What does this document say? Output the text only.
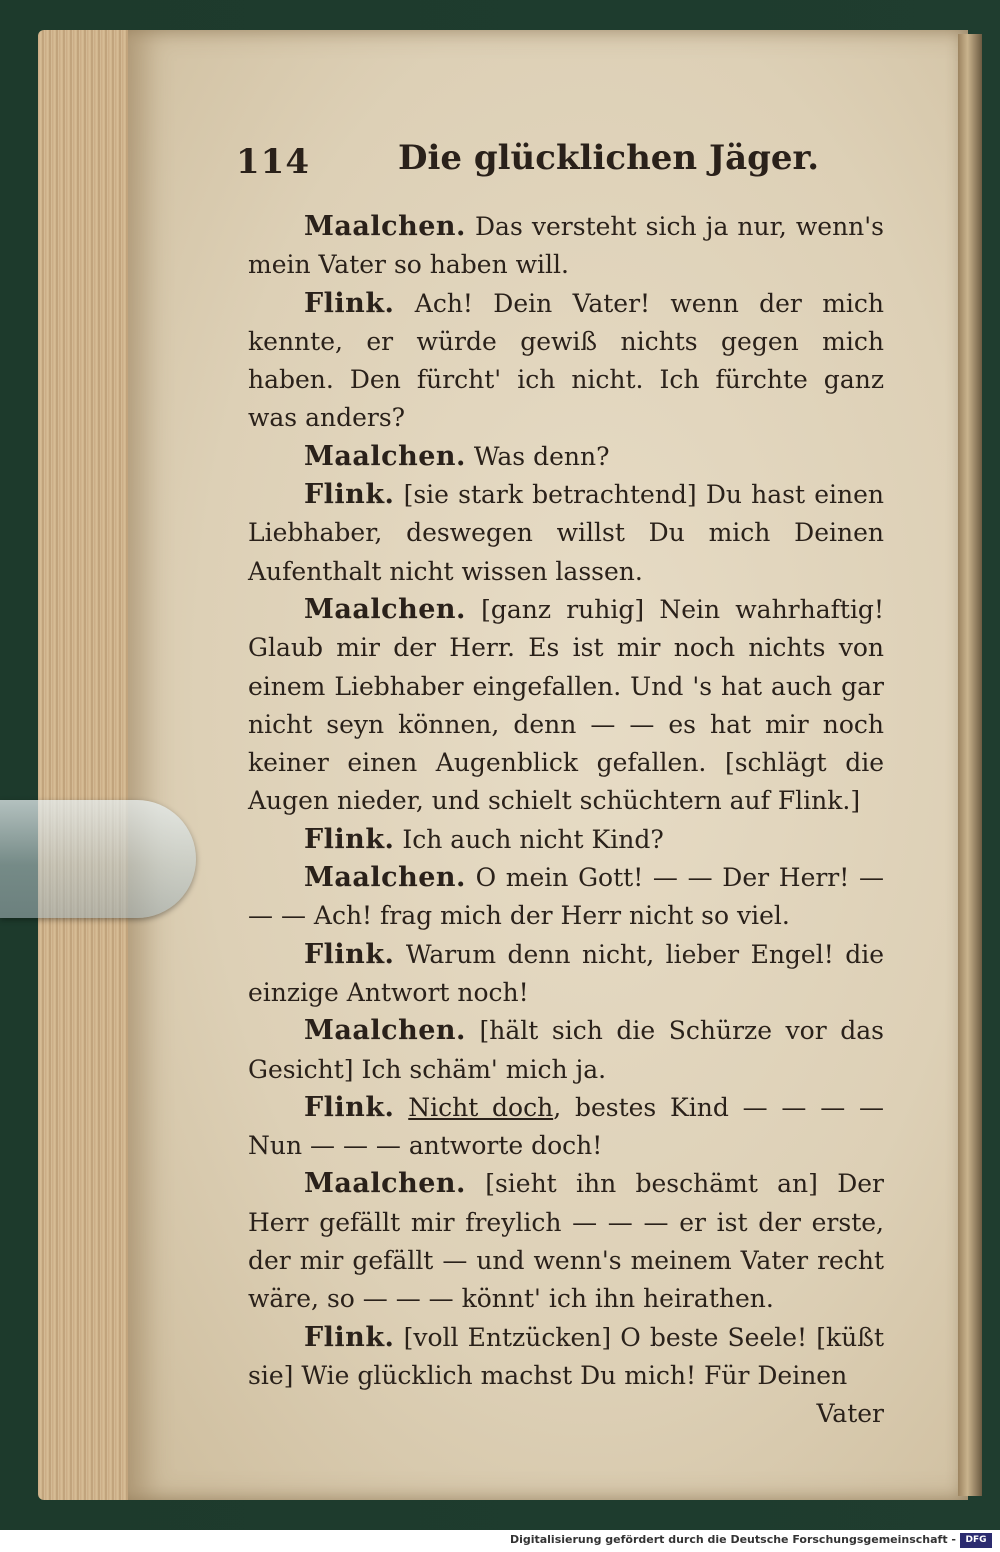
114	Die glücklichen Jäger.

Maalchen. Das versteht sich ja nur, wenn's mein Vater so haben will.

Flink. Ach! Dein Vater! wenn der mich kennte, er würde gewiß nichts gegen mich haben. Den fürcht' ich nicht. Ich fürchte ganz was anders?

Maalchen. Was denn?

Flink. [sie stark betrachtend] Du hast einen Liebhaber, deswegen willst Du mich Deinen Aufenthalt nicht wissen lassen.

Maalchen. [ganz ruhig] Nein wahrhaftig! Glaub mir der Herr. Es ist mir noch nichts von einem Liebhaber eingefallen. Und 's hat auch gar nicht seyn können, denn — — es hat mir noch keiner einen Augenblick gefallen. [schlägt die Augen nieder, und schielt schüchtern auf Flink.]

Flink. Ich auch nicht Kind?

Maalchen. O mein Gott! — — Der Herr! — — — Ach! frag mich der Herr nicht so viel.

Flink. Warum denn nicht, lieber Engel! die einzige Antwort noch!

Maalchen. [hält sich die Schürze vor das Gesicht] Ich schäm' mich ja.

Flink. Nicht doch, bestes Kind — — — — Nun — — — antworte doch!

Maalchen. [sieht ihn beschämt an] Der Herr gefällt mir freylich — — — er ist der erste, der mir gefällt — und wenn's meinem Vater recht wäre, so — — — könnt' ich ihn heirathen.

Flink. [voll Entzücken] O beste Seele! [küßt sie] Wie glücklich machst Du mich! Für Deinen

Vater

Digitalisierung gefördert durch die Deutsche Forschungsgemeinschaft -	DFG
